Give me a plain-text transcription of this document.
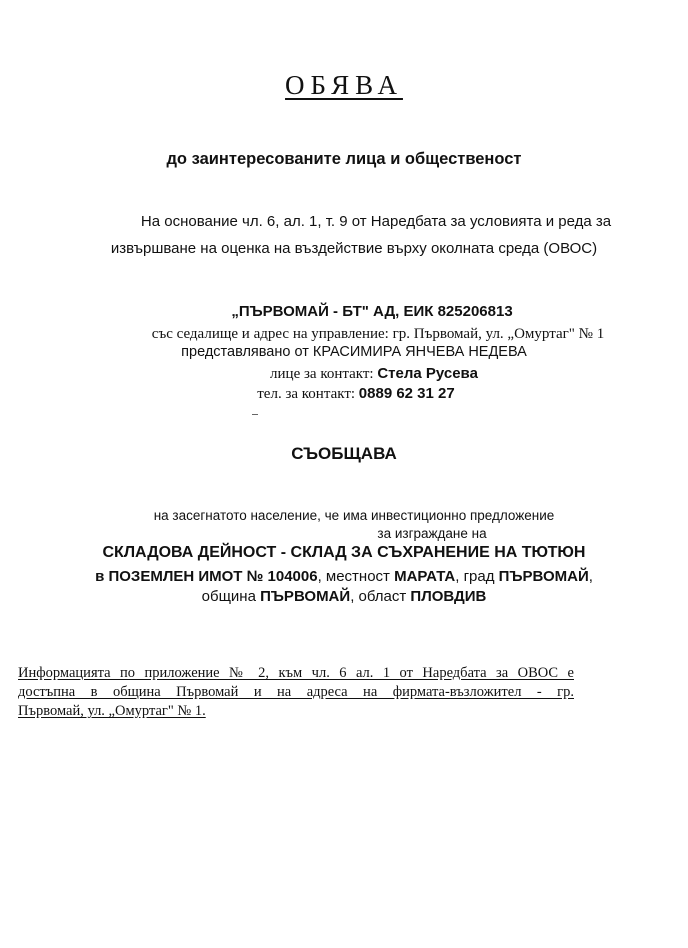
ОБЯВА
до заинтересованите лица и общественост
На основание чл. 6, ал. 1, т. 9 от Наредбата за условията и реда за
извършване на оценка на въздействие върху околната среда (ОВОС)
„ПЪРВОМАЙ - БТ" АД, ЕИК 825206813
със седалище и адрес на управление: гр. Първомай, ул. „Омуртаг" № 1
представлявано от КРАСИМИРА ЯНЧЕВА НЕДЕВА
лице за контакт: Стела Русева
тел. за контакт: 0889 62 31 27
СЪОБЩАВА
на засегнатото население, че има инвестиционно предложение
за изграждане на
СКЛАДОВА ДЕЙНОСТ - СКЛАД ЗА СЪХРАНЕНИЕ НА ТЮТЮН
в ПОЗЕМЛЕН ИМОТ № 104006, местност МАРАТА, град ПЪРВОМАЙ,
община ПЪРВОМАЙ, област ПЛОВДИВ
Информацията по приложение № 2, към чл. 6 ал. 1 от Наредбата за ОВОС е
достъпна в община Първомай и на адреса на фирмата-възложител - гр.
Първомай, ул. „Омуртаг" № 1.
